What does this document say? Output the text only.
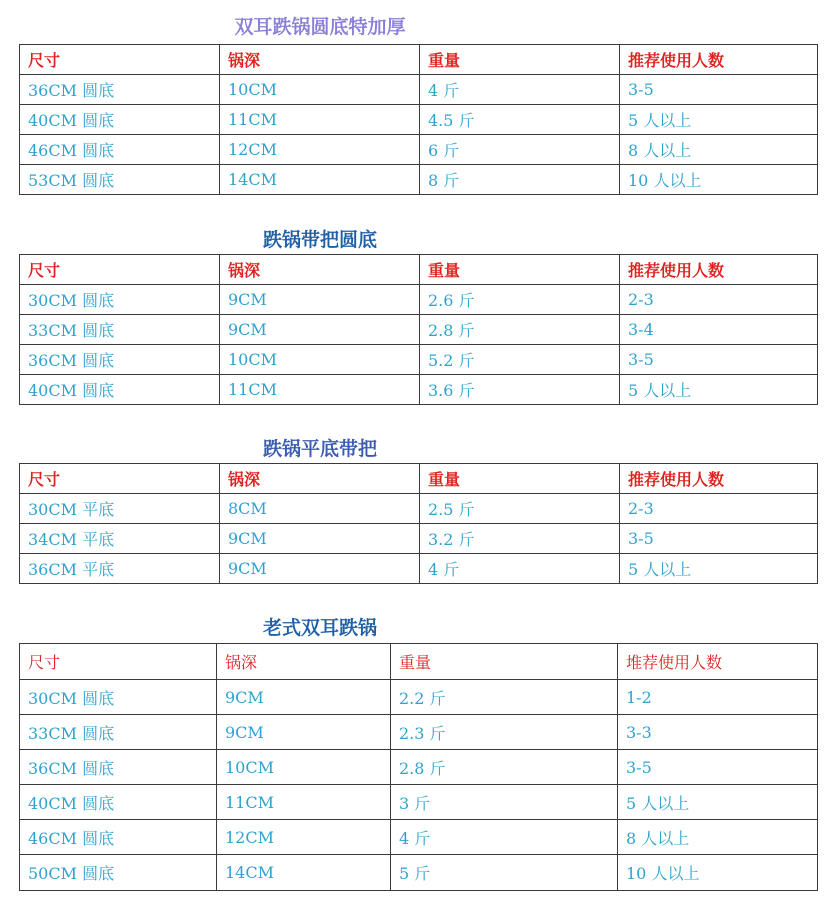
双耳跌锅圆底特加厚
尺寸	锅深	重量	推荐使用人数
36CM 圆底	10CM	4 斤	3-5
40CM 圆底	11CM	4.5 斤	5 人以上
46CM 圆底	12CM	6 斤	8 人以上
53CM 圆底	14CM	8 斤	10 人以上
跌锅带把圆底
尺寸	锅深	重量	推荐使用人数
30CM 圆底	9CM	2.6 斤	2-3
33CM 圆底	9CM	2.8 斤	3-4
36CM 圆底	10CM	5.2 斤	3-5
40CM 圆底	11CM	3.6 斤	5 人以上
跌锅平底带把
尺寸	锅深	重量	推荐使用人数
30CM 平底	8CM	2.5 斤	2-3
34CM 平底	9CM	3.2 斤	3-5
36CM 平底	9CM	4 斤	5 人以上
老式双耳跌锅
尺寸	锅深	重量	堆荐使用人数
30CM 圆底	9CM	2.2 斤	1-2
33CM 圆底	9CM	2.3 斤	3-3
36CM 圆底	10CM	2.8 斤	3-5
40CM 圆底	11CM	3 斤	5 人以上
46CM 圆底	12CM	4 斤	8 人以上
50CM 圆底	14CM	5 斤	10 人以上
